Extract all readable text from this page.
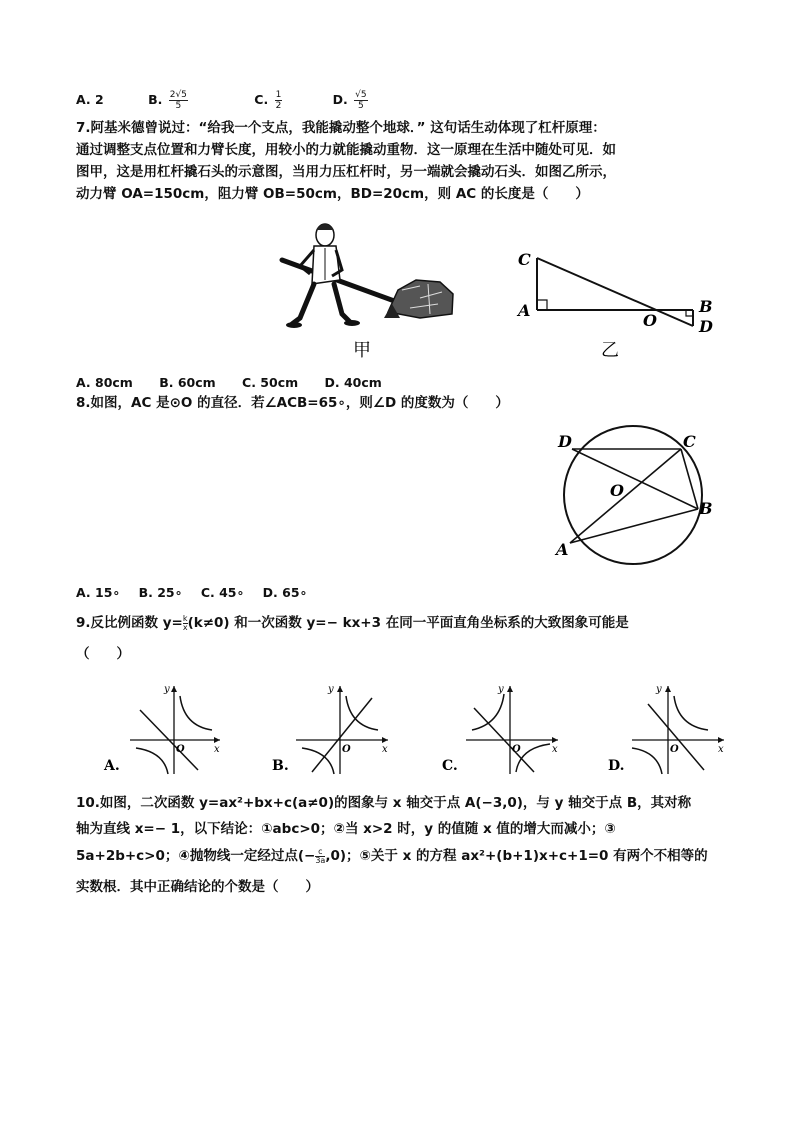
A. 2	B. $\frac{2√5}{5}$	C. $\frac{1}{2}$	D. $\frac{√5}{5}$
7.阿基米德曾说过：“给我一个支点，我能撬动整个地球．” 这句话生动体现了杠杆原理：
通过调整支点位置和力臂长度，用较小的力就能撬动重物．这一原理在生活中随处可见．如
图甲，这是用杠杆撬石头的示意图，当用力压杠杆时，另一端就会撬动石头．如图乙所示，
动力臂 OA=150cm，阻力臂 OB=50cm，BD=20cm，则 AC 的长度是（　　）
甲
C
A
O
B
D
乙
A. 80cm B. 60cm C. 50cm D. 40cm
8.如图，AC 是⊙O 的直径．若∠ACB=65∘，则∠D 的度数为（　　）
D	C
O
B
A
A. 15∘ B. 25∘ C. 45∘ D. 65∘
9.反比例函数 $y= \frac{k}{x} (k\ne 0)$ 和一次函数 y=− kx+3 在同一平面直角坐标系的大致图象可能是
（　　）
y
x
O
A.
y
x
O
B.
y
x
O
C.
y
x
O
D.
10.如图，二次函数 y=ax²+bx+c(a≠0)的图象与 x 轴交于点 A(−3,0)，与 y 轴交于点 B，其对称
轴为直线 x=− 1，以下结论：①abc>0；②当 x>2 时，y 的值随 x 值的增大而减小；③
5a+2b+c>0；④抛物线一定经过点(− $\frac{c}{3a} ,0$)；⑤关于 x 的方程 ax²+(b+1)x+c+1=0 有两个不相等的
实数根．其中正确结论的个数是（　　）
